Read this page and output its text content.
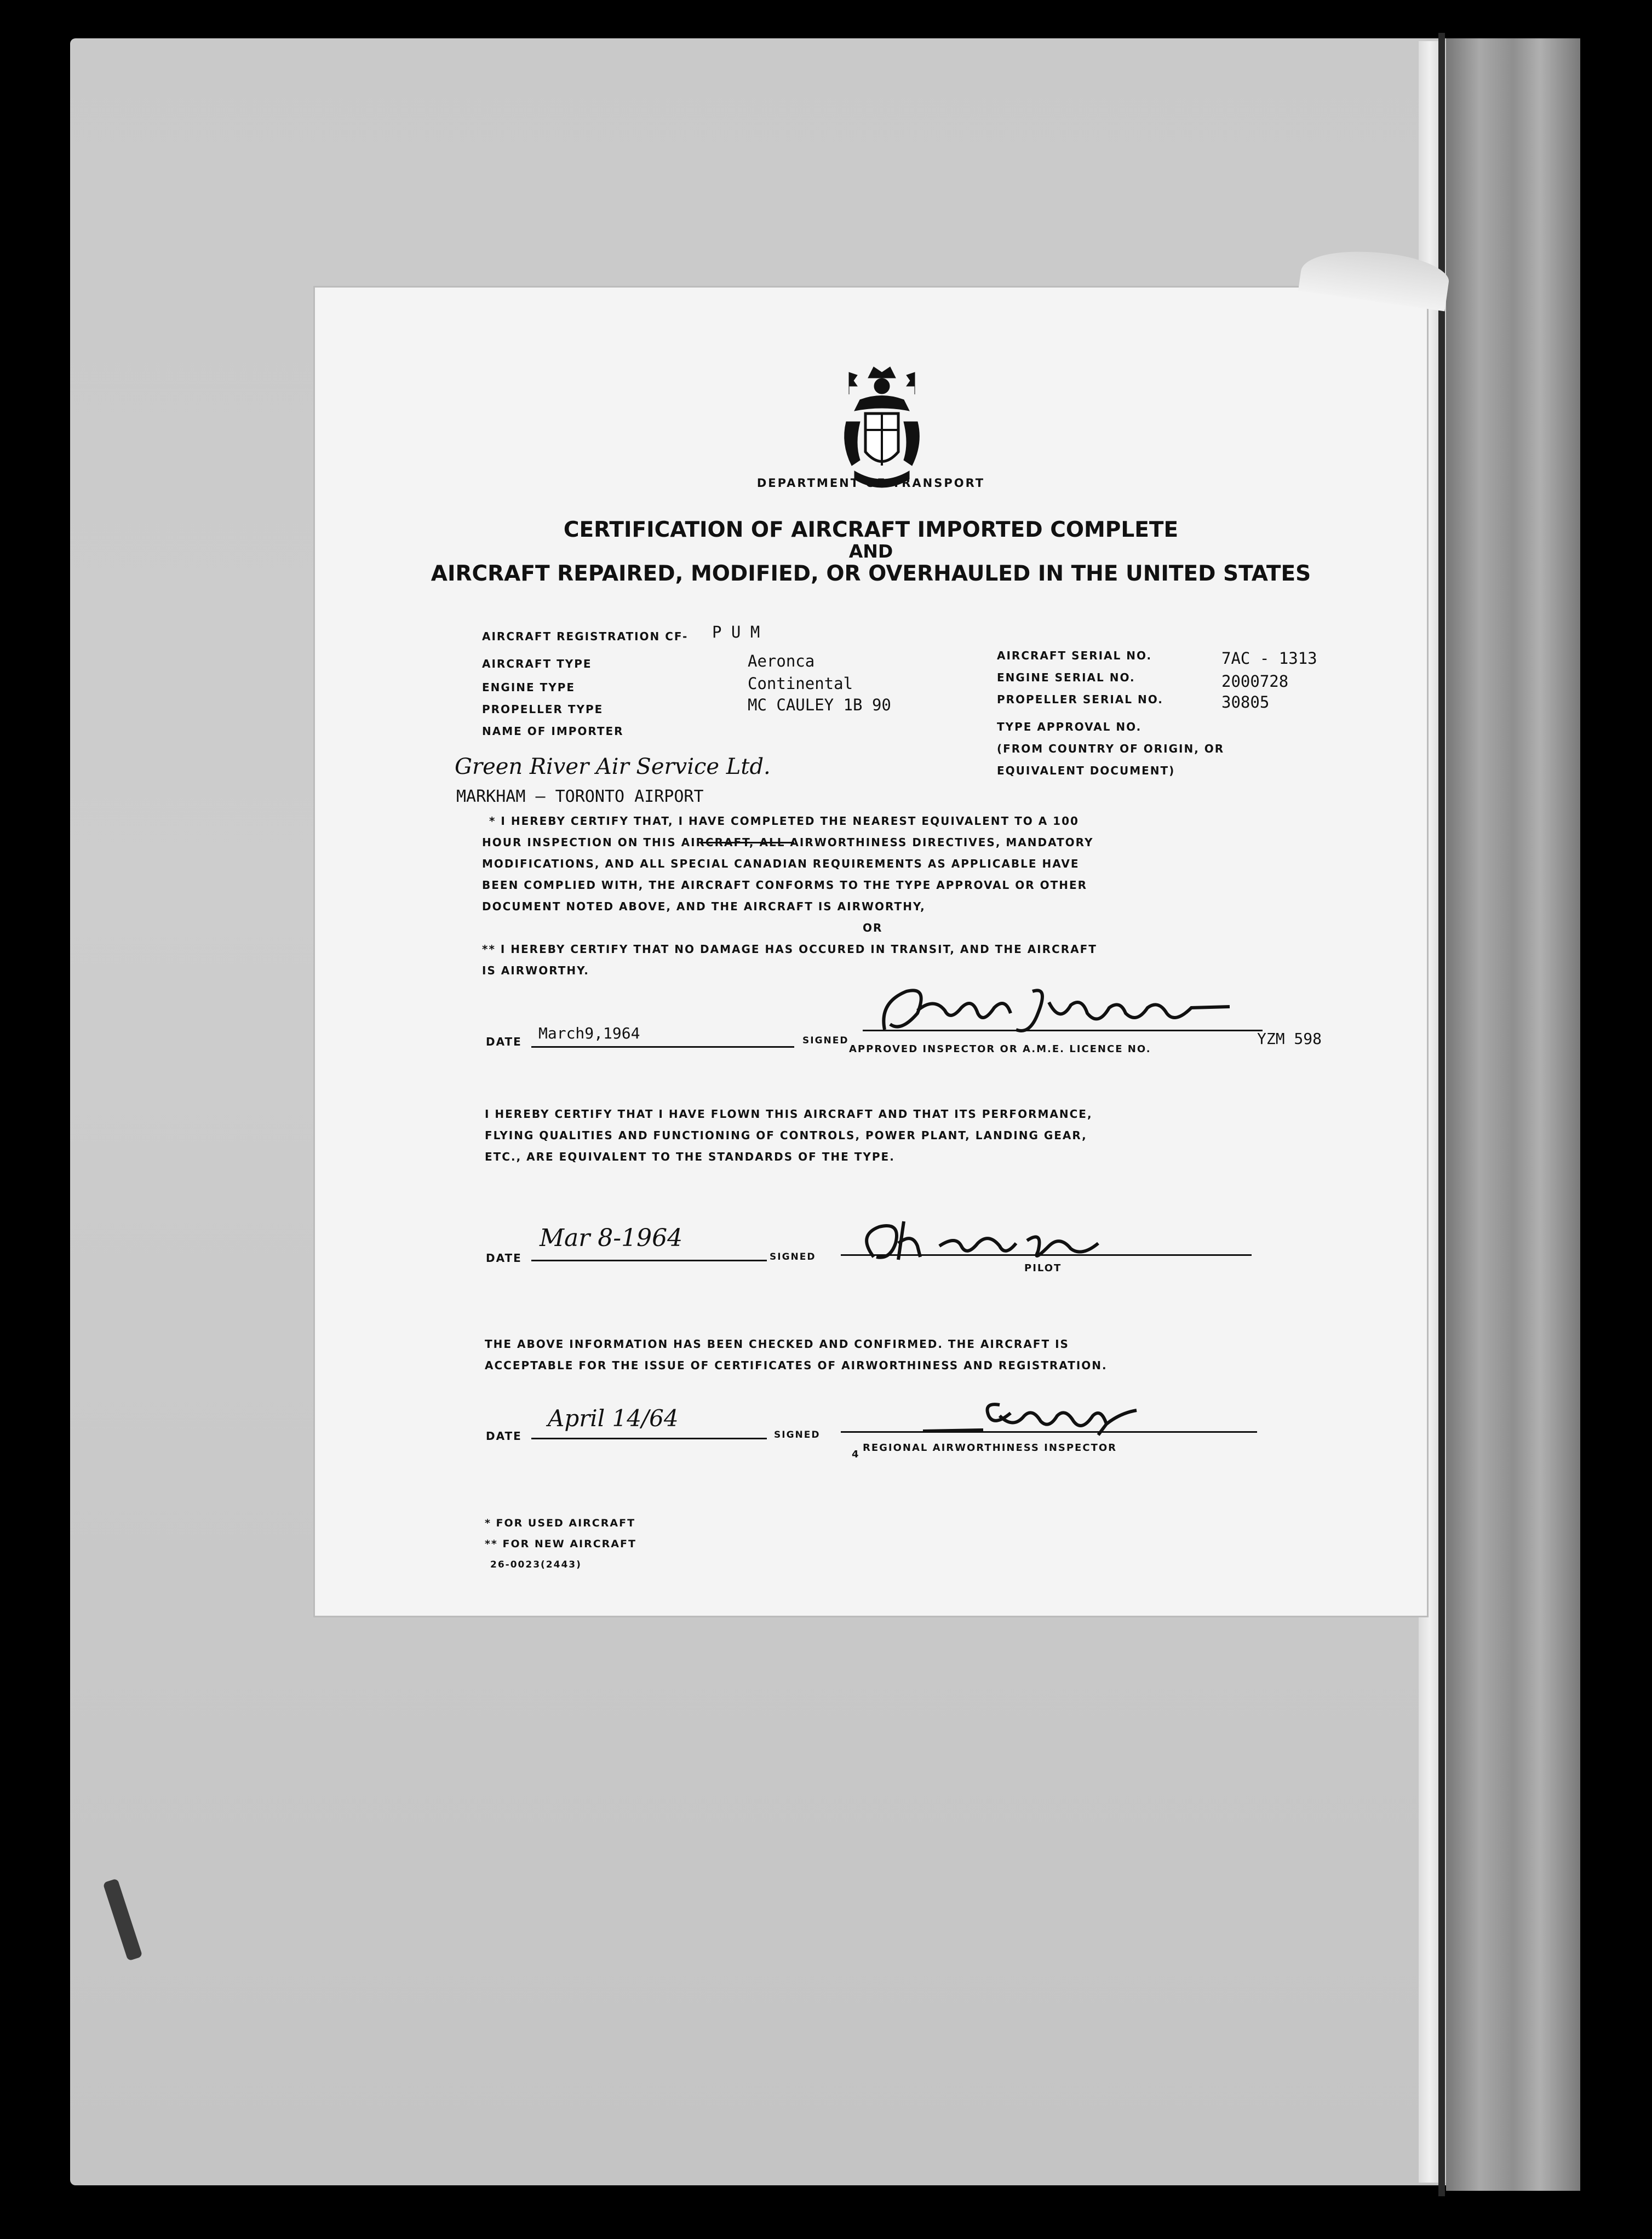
DEPARTMENT OF TRANSPORT
CERTIFICATION OF AIRCRAFT IMPORTED COMPLETE
AND
AIRCRAFT REPAIRED, MODIFIED, OR OVERHAULED IN THE UNITED STATES
AIRCRAFT REGISTRATION CF- P U M
AIRCRAFT TYPE	Aeronca
ENGINE TYPE	Continental
PROPELLER TYPE	MC CAULEY 1B 90
NAME OF IMPORTER
Green River Air Service Ltd.
MARKHAM — TORONTO AIRPORT
AIRCRAFT SERIAL NO.	7AC - 1313
ENGINE SERIAL NO.	2000728
PROPELLER SERIAL NO.	30805
TYPE APPROVAL NO.
(FROM COUNTRY OF ORIGIN, OR
EQUIVALENT DOCUMENT)
* I HEREBY CERTIFY THAT, I HAVE COMPLETED THE NEAREST EQUIVALENT TO A 100
HOUR INSPECTION ON THIS AIRCRAFT, ALL AIRWORTHINESS DIRECTIVES, MANDATORY
MODIFICATIONS, AND ALL SPECIAL CANADIAN REQUIREMENTS AS APPLICABLE HAVE
BEEN COMPLIED WITH, THE AIRCRAFT CONFORMS TO THE TYPE APPROVAL OR OTHER
DOCUMENT NOTED ABOVE, AND THE AIRCRAFT IS AIRWORTHY,
OR
** I HEREBY CERTIFY THAT NO DAMAGE HAS OCCURED IN TRANSIT, AND THE AIRCRAFT
IS AIRWORTHY.
DATE March9,1964	SIGNED
APPROVED INSPECTOR OR A.M.E. LICENCE NO.
YZM 598
I HEREBY CERTIFY THAT I HAVE FLOWN THIS AIRCRAFT AND THAT ITS PERFORMANCE,
FLYING QUALITIES AND FUNCTIONING OF CONTROLS, POWER PLANT, LANDING GEAR,
ETC., ARE EQUIVALENT TO THE STANDARDS OF THE TYPE.
DATE
Mar 8-1964
SIGNED
PILOT
THE ABOVE INFORMATION HAS BEEN CHECKED AND CONFIRMED. THE AIRCRAFT IS
ACCEPTABLE FOR THE ISSUE OF CERTIFICATES OF AIRWORTHINESS AND REGISTRATION.
DATE
April 14/64
SIGNED
REGIONAL AIRWORTHINESS INSPECTOR
4
* FOR USED AIRCRAFT
** FOR NEW AIRCRAFT
26-0023(2443)
